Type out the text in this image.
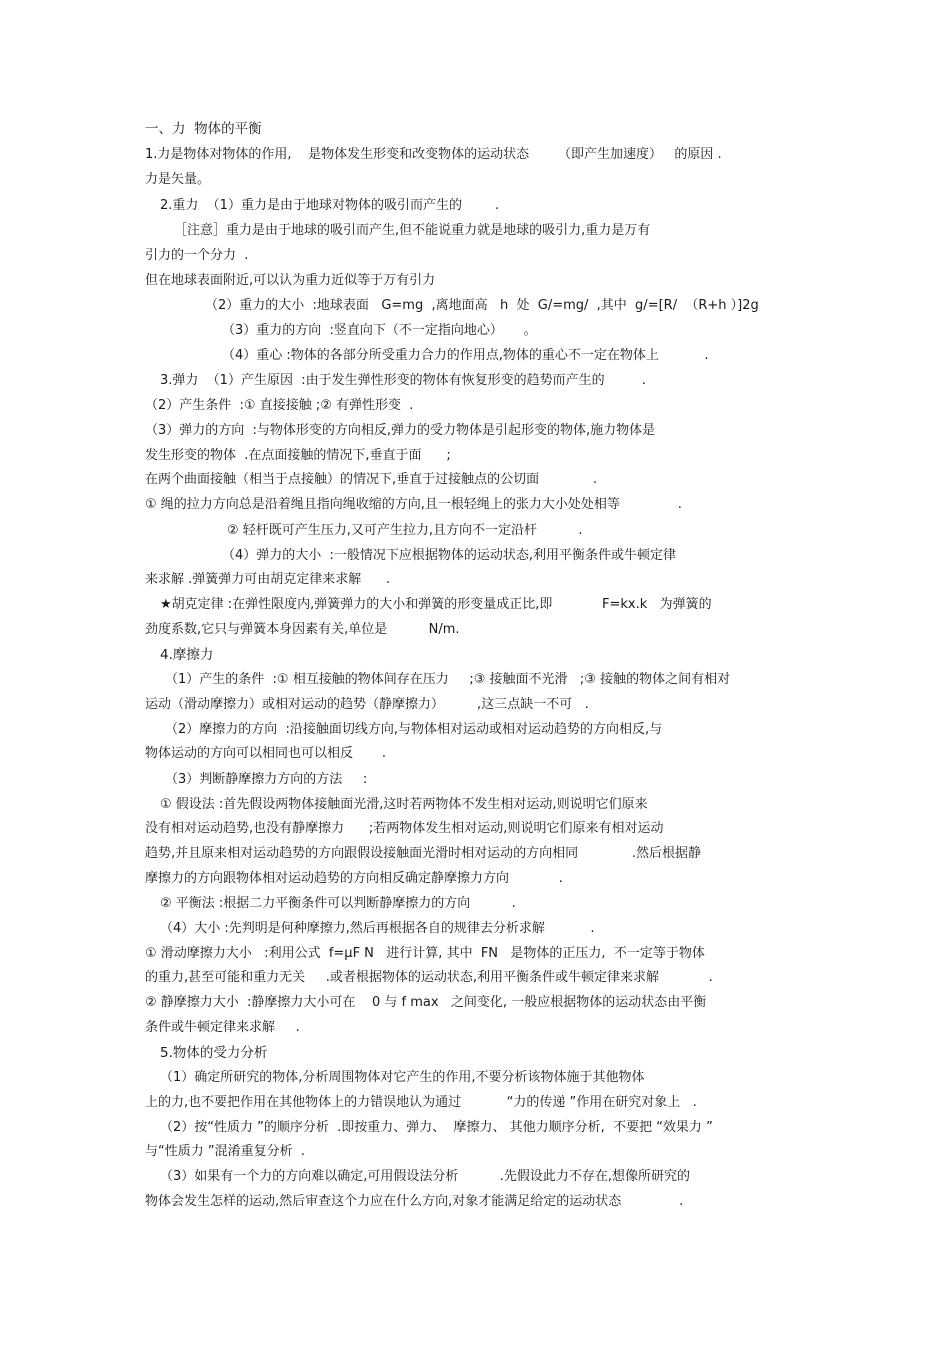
一、力  物体的平衡

1.力是物体对物体的作用,    是物体发生形变和改变物体的运动状态       （即产生加速度）   的原因 .

力是矢量。

2.重力  （1）重力是由于地球对物体的吸引而产生的        .

［注意］重力是由于地球的吸引而产生,但不能说重力就是地球的吸引力,重力是万有

引力的一个分力  .

但在地球表面附近,可以认为重力近似等于万有引力

（2）重力的大小  :地球表面   G=mg  ,离地面高   h  处  G/=mg/  ,其中  g/=[R/  （R+h ）]2g

（3）重力的方向  :竖直向下（不一定指向地心）     。

（4）重心 :物体的各部分所受重力合力的作用点,物体的重心不一定在物体上           .

3.弹力  （1）产生原因  :由于发生弹性形变的物体有恢复形变的趋势而产生的         .

（2）产生条件  :① 直接接触 ;② 有弹性形变  .

（3）弹力的方向  :与物体形变的方向相反,弹力的受力物体是引起形变的物体,施力物体是

发生形变的物体  .在点面接触的情况下,垂直于面      ;

在两个曲面接触（相当于点接触）的情况下,垂直于过接触点的公切面             .

① 绳的拉力方向总是沿着绳且指向绳收缩的方向,且一根轻绳上的张力大小处处相等              .

② 轻杆既可产生压力,又可产生拉力,且方向不一定沿杆          .

（4）弹力的大小  :一般情况下应根据物体的运动状态,利用平衡条件或牛顿定律

来求解 .弹簧弹力可由胡克定律来求解      .

★胡克定律 :在弹性限度内,弹簧弹力的大小和弹簧的形变量成正比,即            F=kx.k   为弹簧的

劲度系数,它只与弹簧本身因素有关,单位是          N/m.

4.摩擦力

（1）产生的条件  :① 相互接触的物体间存在压力     ;③ 接触面不光滑   ;③ 接触的物体之间有相对

运动（滑动摩擦力）或相对运动的趋势（静摩擦力）        ,这三点缺一不可   .

（2）摩擦力的方向  :沿接触面切线方向,与物体相对运动或相对运动趋势的方向相反,与

物体运动的方向可以相同也可以相反       .

（3）判断静摩擦力方向的方法     :

① 假设法 :首先假设两物体接触面光滑,这时若两物体不发生相对运动,则说明它们原来

没有相对运动趋势,也没有静摩擦力      ;若两物体发生相对运动,则说明它们原来有相对运动

趋势,并且原来相对运动趋势的方向跟假设接触面光滑时相对运动的方向相同             .然后根据静

摩擦力的方向跟物体相对运动趋势的方向相反确定静摩擦力方向            .

② 平衡法 :根据二力平衡条件可以判断静摩擦力的方向          .

（4）大小 :先判明是何种摩擦力,然后再根据各自的规律去分析求解           .

① 滑动摩擦力大小   :利用公式  f=μF N   进行计算, 其中  FN   是物体的正压力,  不一定等于物体

的重力,甚至可能和重力无关     .或者根据物体的运动状态,利用平衡条件或牛顿定律来求解            .

② 静摩擦力大小  :静摩擦力大小可在    0 与 f max   之间变化, 一般应根据物体的运动状态由平衡

条件或牛顿定律来求解     .

5.物体的受力分析

（1）确定所研究的物体,分析周围物体对它产生的作用,不要分析该物体施于其他物体

上的力,也不要把作用在其他物体上的力错误地认为通过           “力的传递 ”作用在研究对象上   .

（2）按“性质力 ”的顺序分析  .即按重力、弹力、  摩擦力、 其他力顺序分析,  不要把 “效果力 ”

与“性质力 ”混淆重复分析  .

（3）如果有一个力的方向难以确定,可用假设法分析          .先假设此力不存在,想像所研究的

物体会发生怎样的运动,然后审查这个力应在什么方向,对象才能满足给定的运动状态              .
